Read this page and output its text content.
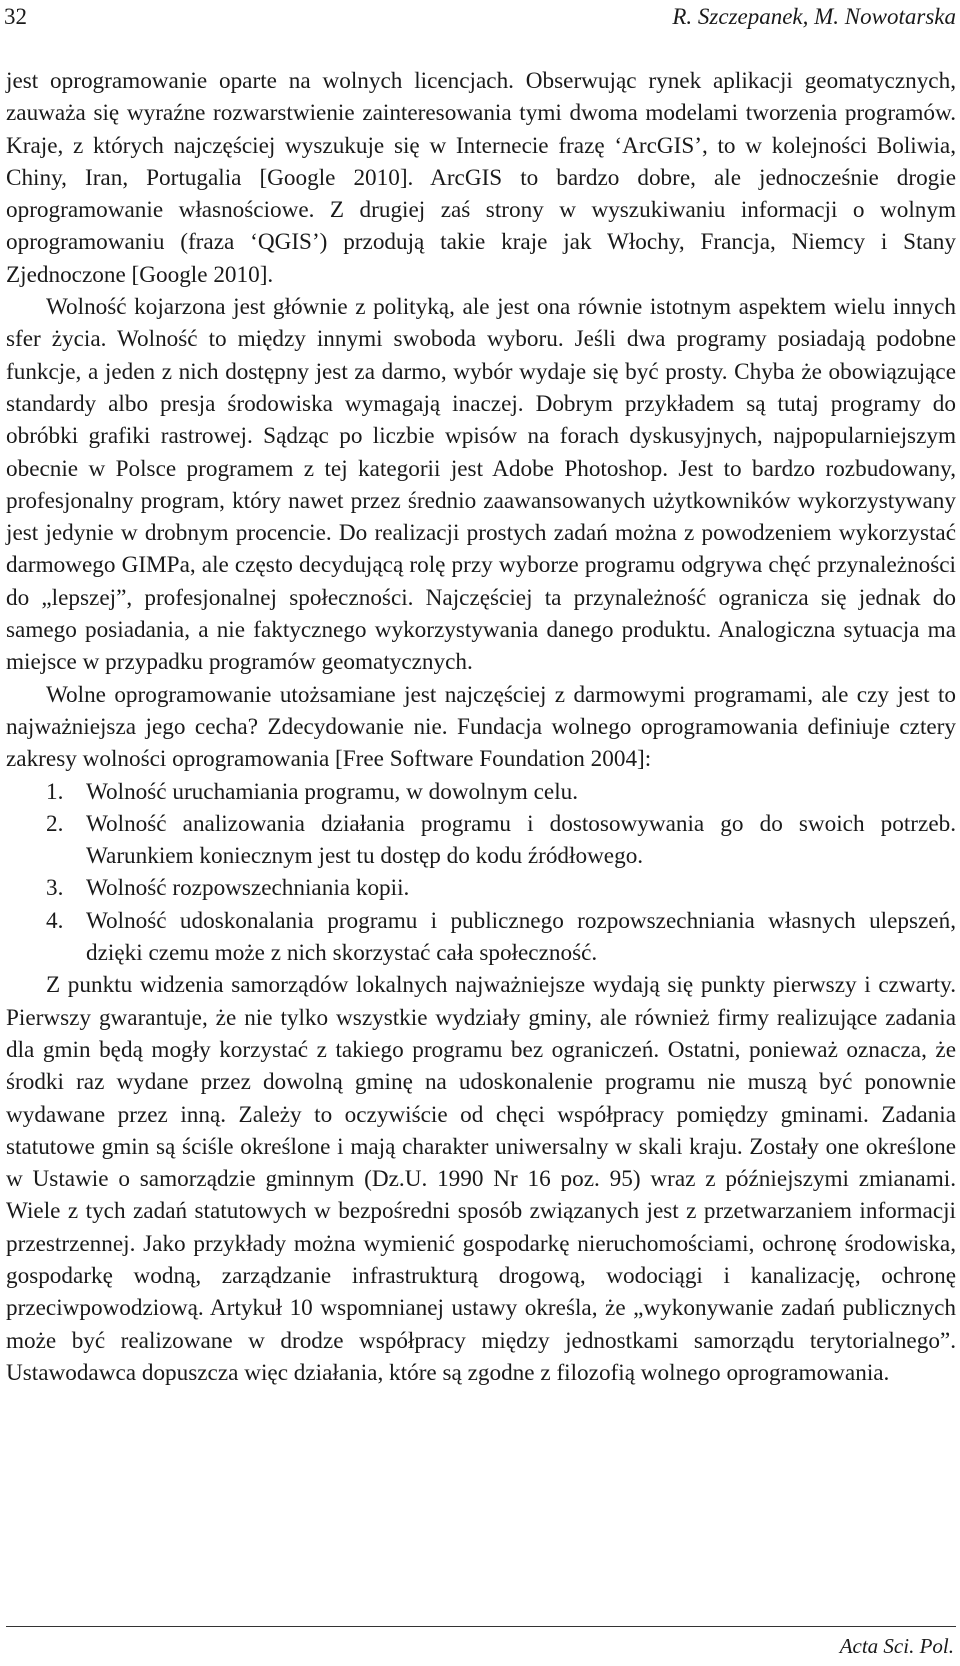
32	R. Szczepanek, M. Nowotarska

jest oprogramowanie oparte na wolnych licencjach. Obserwując rynek aplikacji geomatycznych, zauważa się wyraźne rozwarstwienie zainteresowania tymi dwoma modelami tworzenia programów. Kraje, z których najczęściej wyszukuje się w Internecie frazę ‘ArcGIS’, to w kolejności Boliwia, Chiny, Iran, Portugalia [Google 2010]. ArcGIS to bardzo dobre, ale jednocześnie drogie oprogramowanie własnościowe. Z drugiej zaś strony w wyszukiwaniu informacji o wolnym oprogramowaniu (fraza ‘QGIS’) przodują takie kraje jak Włochy, Francja, Niemcy i Stany Zjednoczone [Google 2010].

Wolność kojarzona jest głównie z polityką, ale jest ona równie istotnym aspektem wielu innych sfer życia. Wolność to między innymi swoboda wyboru. Jeśli dwa programy posiadają podobne funkcje, a jeden z nich dostępny jest za darmo, wybór wydaje się być prosty. Chyba że obowiązujące standardy albo presja środowiska wymagają inaczej. Dobrym przykładem są tutaj programy do obróbki grafiki rastrowej. Sądząc po liczbie wpisów na forach dyskusyjnych, najpopularniejszym obecnie w Polsce programem z tej kategorii jest Adobe Photoshop. Jest to bardzo rozbudowany, profesjonalny program, który nawet przez średnio zaawansowanych użytkowników wykorzystywany jest jedynie w drobnym procencie. Do realizacji prostych zadań można z powodzeniem wykorzystać darmowego GIMPa, ale często decydującą rolę przy wyborze programu odgrywa chęć przynależności do „lepszej”, profesjonalnej społeczności. Najczęściej ta przynależność ogranicza się jednak do samego posiadania, a nie faktycznego wykorzystywania danego produktu. Analogiczna sytuacja ma miejsce w przypadku programów geomatycznych.

Wolne oprogramowanie utożsamiane jest najczęściej z darmowymi programami, ale czy jest to najważniejsza jego cecha? Zdecydowanie nie. Fundacja wolnego oprogramowania definiuje cztery zakresy wolności oprogramowania [Free Software Foundation 2004]:

1. Wolność uruchamiania programu, w dowolnym celu.
2. Wolność analizowania działania programu i dostosowywania go do swoich potrzeb. Warunkiem koniecznym jest tu dostęp do kodu źródłowego.
3. Wolność rozpowszechniania kopii.
4. Wolność udoskonalania programu i publicznego rozpowszechniania własnych ulepszeń, dzięki czemu może z nich skorzystać cała społeczność.

Z punktu widzenia samorządów lokalnych najważniejsze wydają się punkty pierwszy i czwarty. Pierwszy gwarantuje, że nie tylko wszystkie wydziały gminy, ale również firmy realizujące zadania dla gmin będą mogły korzystać z takiego programu bez ograniczeń. Ostatni, ponieważ oznacza, że środki raz wydane przez dowolną gminę na udoskonalenie programu nie muszą być ponownie wydawane przez inną. Zależy to oczywiście od chęci współpracy pomiędzy gminami. Zadania statutowe gmin są ściśle określone i mają charakter uniwersalny w skali kraju. Zostały one określone w Ustawie o samorządzie gminnym (Dz.U. 1990 Nr 16 poz. 95) wraz z późniejszymi zmianami. Wiele z tych zadań statutowych w bezpośredni sposób związanych jest z przetwarzaniem informacji przestrzennej. Jako przykłady można wymienić gospodarkę nieruchomościami, ochronę środowiska, gospodarkę wodną, zarządzanie infrastrukturą drogową, wodociągi i kanalizację, ochronę przeciwpowodziową. Artykuł 10 wspomnianej ustawy określa, że „wykonywanie zadań publicznych może być realizowane w drodze współpracy między jednostkami samorządu terytorialnego”. Ustawodawca dopuszcza więc działania, które są zgodne z filozofią wolnego oprogramowania.

Acta Sci. Pol.
